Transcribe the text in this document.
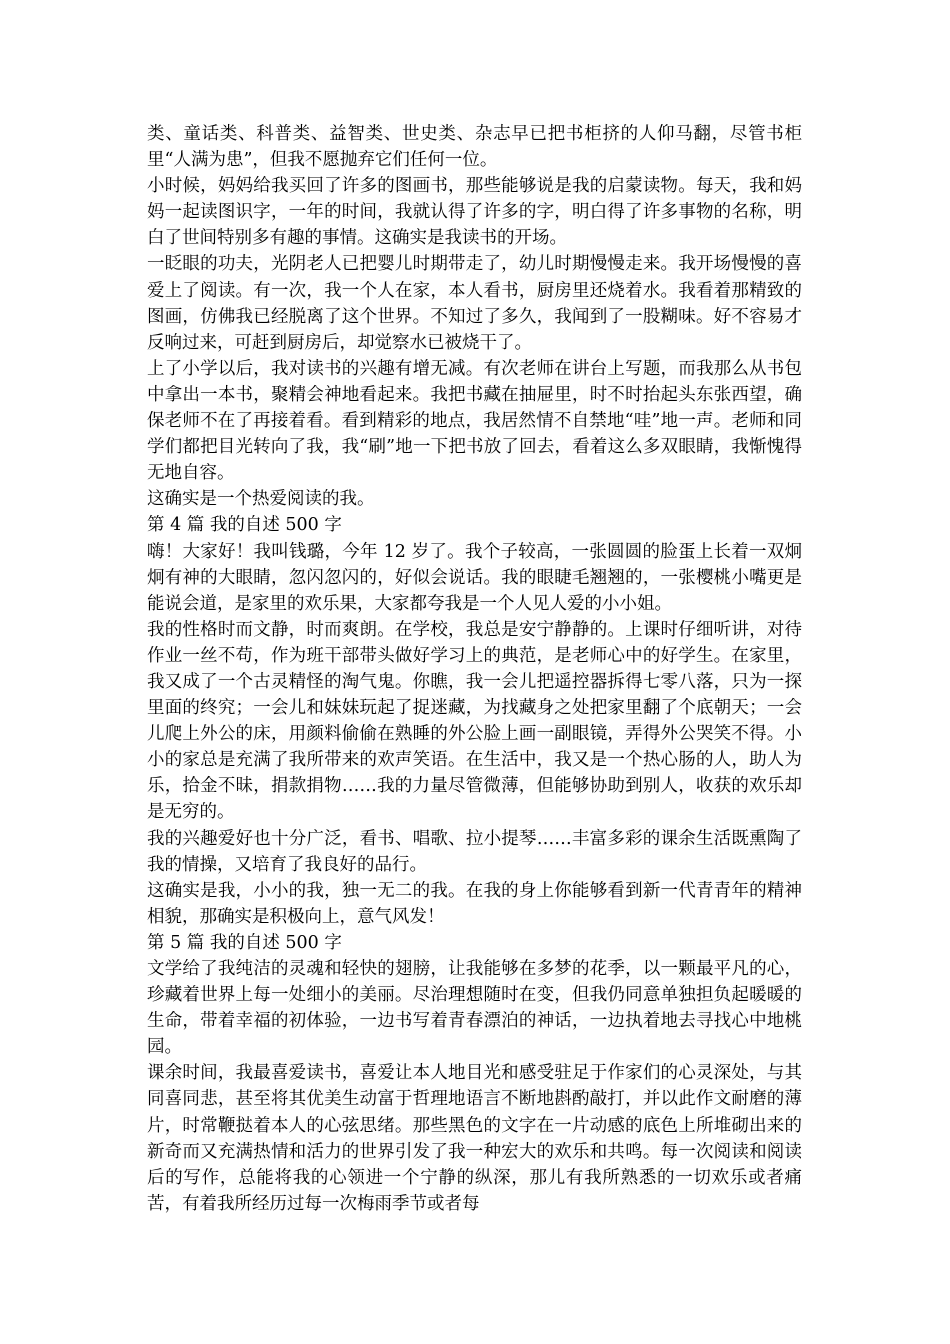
类、童话类、科普类、益智类、世史类、杂志早已把书柜挤的人仰马翻，尽管书柜里“人满为患”，但我不愿抛弃它们任何一位。

小时候，妈妈给我买回了许多的图画书，那些能够说是我的启蒙读物。每天，我和妈妈一起读图识字，一年的时间，我就认得了许多的字，明白得了许多事物的名称，明白了世间特别多有趣的事情。这确实是我读书的开场。

一眨眼的功夫，光阴老人已把婴儿时期带走了，幼儿时期慢慢走来。我开场慢慢的喜爱上了阅读。有一次，我一个人在家，本人看书，厨房里还烧着水。我看着那精致的图画，仿佛我已经脱离了这个世界。不知过了多久，我闻到了一股糊味。好不容易才反响过来，可赶到厨房后，却觉察水已被烧干了。

上了小学以后，我对读书的兴趣有增无减。有次老师在讲台上写题，而我那么从书包中拿出一本书，聚精会神地看起来。我把书藏在抽屉里，时不时抬起头东张西望，确保老师不在了再接着看。看到精彩的地点，我居然情不自禁地“哇”地一声。老师和同学们都把目光转向了我，我“刷”地一下把书放了回去，看着这么多双眼睛，我惭愧得无地自容。

这确实是一个热爱阅读的我。

第 4 篇 我的自述 500 字

嗨！大家好！我叫钱璐，今年 12 岁了。我个子较高，一张圆圆的脸蛋上长着一双炯炯有神的大眼睛，忽闪忽闪的，好似会说话。我的眼睫毛翘翘的，一张樱桃小嘴更是能说会道，是家里的欢乐果，大家都夸我是一个人见人爱的小小姐。

我的性格时而文静，时而爽朗。在学校，我总是安宁静静的。上课时仔细听讲，对待作业一丝不苟，作为班干部带头做好学习上的典范，是老师心中的好学生。在家里，我又成了一个古灵精怪的淘气鬼。你瞧，我一会儿把遥控器拆得七零八落，只为一探里面的终究；一会儿和妹妹玩起了捉迷藏，为找藏身之处把家里翻了个底朝天；一会儿爬上外公的床，用颜料偷偷在熟睡的外公脸上画一副眼镜，弄得外公哭笑不得。小小的家总是充满了我所带来的欢声笑语。在生活中，我又是一个热心肠的人，助人为乐，拾金不昧，捐款捐物……我的力量尽管微薄，但能够协助到别人，收获的欢乐却是无穷的。

我的兴趣爱好也十分广泛，看书、唱歌、拉小提琴……丰富多彩的课余生活既熏陶了我的情操，又培育了我良好的品行。

这确实是我，小小的我，独一无二的我。在我的身上你能够看到新一代青青年的精神相貌，那确实是积极向上，意气风发！

第 5 篇 我的自述 500 字

文学给了我纯洁的灵魂和轻快的翅膀，让我能够在多梦的花季，以一颗最平凡的心，珍藏着世界上每一处细小的美丽。尽治理想随时在变，但我仍同意单独担负起暖暖的生命，带着幸福的初体验，一边书写着青春漂泊的神话，一边执着地去寻找心中地桃园。

课余时间，我最喜爱读书，喜爱让本人地目光和感受驻足于作家们的心灵深处，与其同喜同悲，甚至将其优美生动富于哲理地语言不断地斟酌敲打，并以此作文耐磨的薄片，时常鞭挞着本人的心弦思绪。那些黑色的文字在一片动感的底色上所堆砌出来的新奇而又充满热情和活力的世界引发了我一种宏大的欢乐和共鸣。每一次阅读和阅读后的写作，总能将我的心领进一个宁静的纵深，那儿有我所熟悉的一切欢乐或者痛苦，有着我所经历过每一次梅雨季节或者每
